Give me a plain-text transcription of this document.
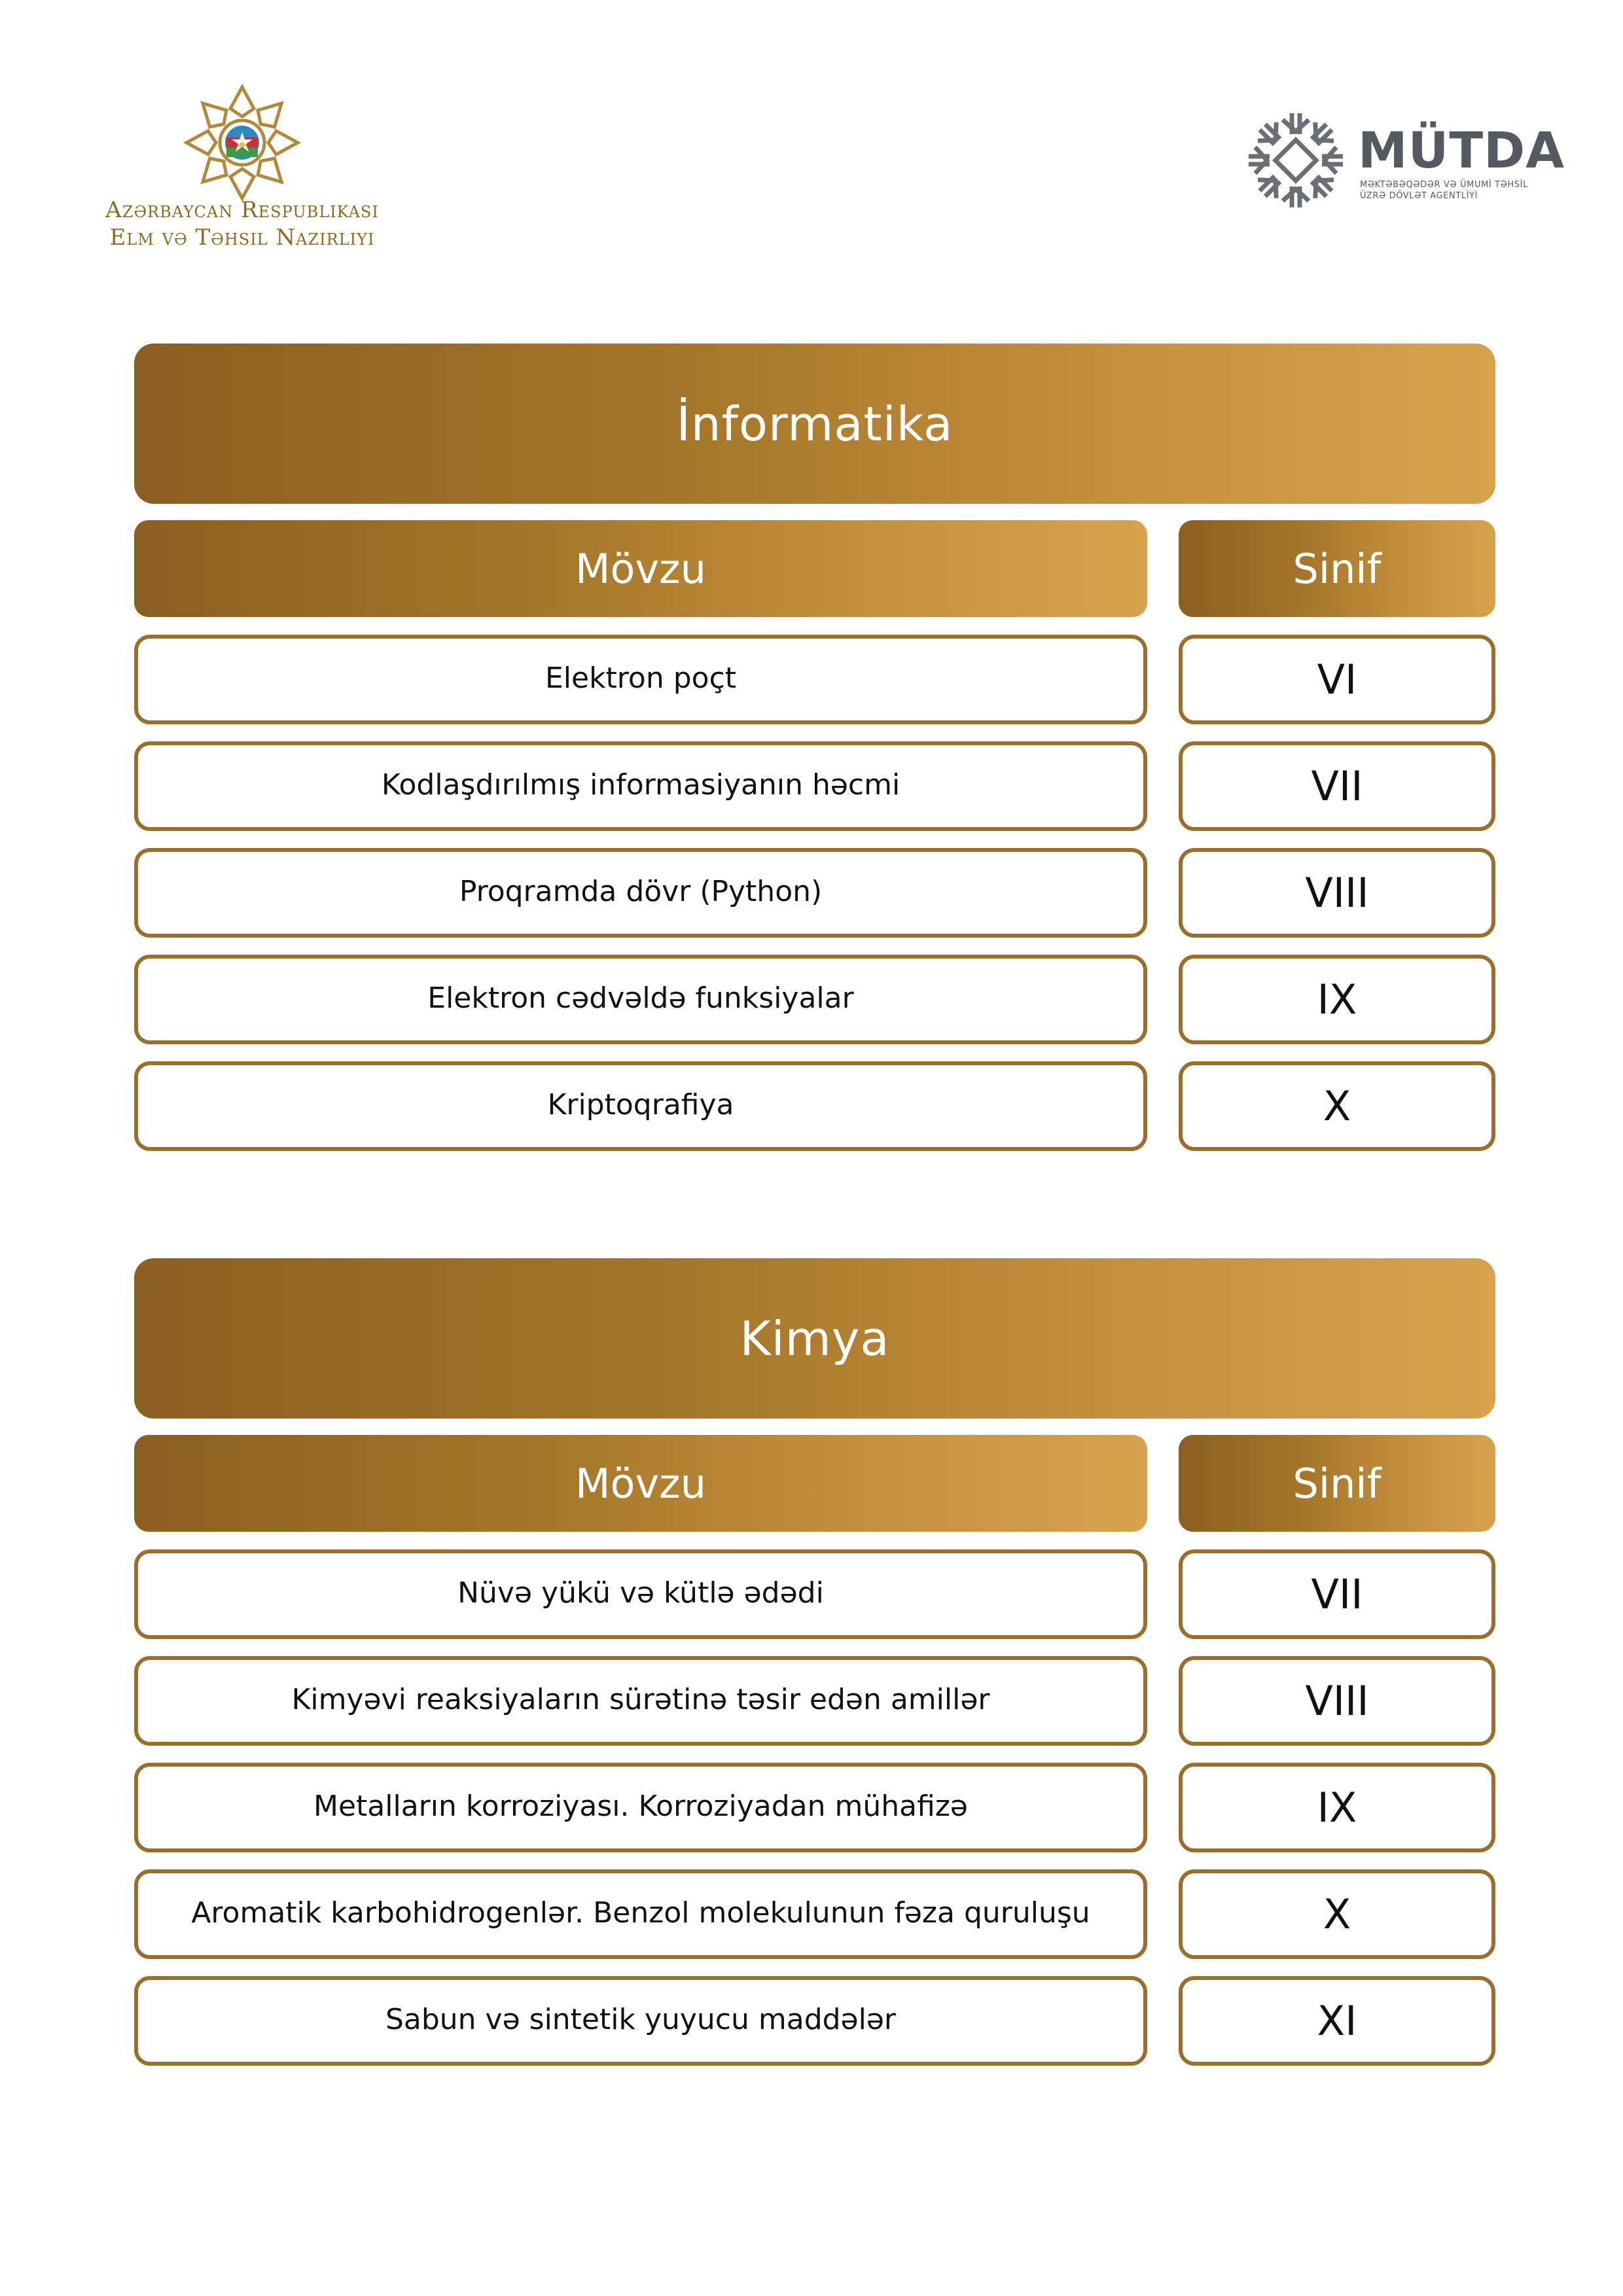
Azərbaycan Respublikası
Elm və Təhsil Nazirliyi
MÜTDA
MƏKTƏBƏQƏDƏR VƏ ÜMUMİ TƏHSİL
ÜZRƏ DÖVLƏT AGENTLİYİ
İnformatika
Mövzu	Sinif
Elektron poçt	VI
Kodlaşdırılmış informasiyanın həcmi	VII
Proqramda dövr (Python)	VIII
Elektron cədvəldə funksiyalar	IX
Kriptoqrafiya	X
Kimya
Mövzu	Sinif
Nüvə yükü və kütlə ədədi	VII
Kimyəvi reaksiyaların sürətinə təsir edən amillər	VIII
Metalların korroziyası. Korroziyadan mühafizə	IX
Aromatik karbohidrogenlər. Benzol molekulunun fəza quruluşu	X
Sabun və sintetik yuyucu maddələr	XI
